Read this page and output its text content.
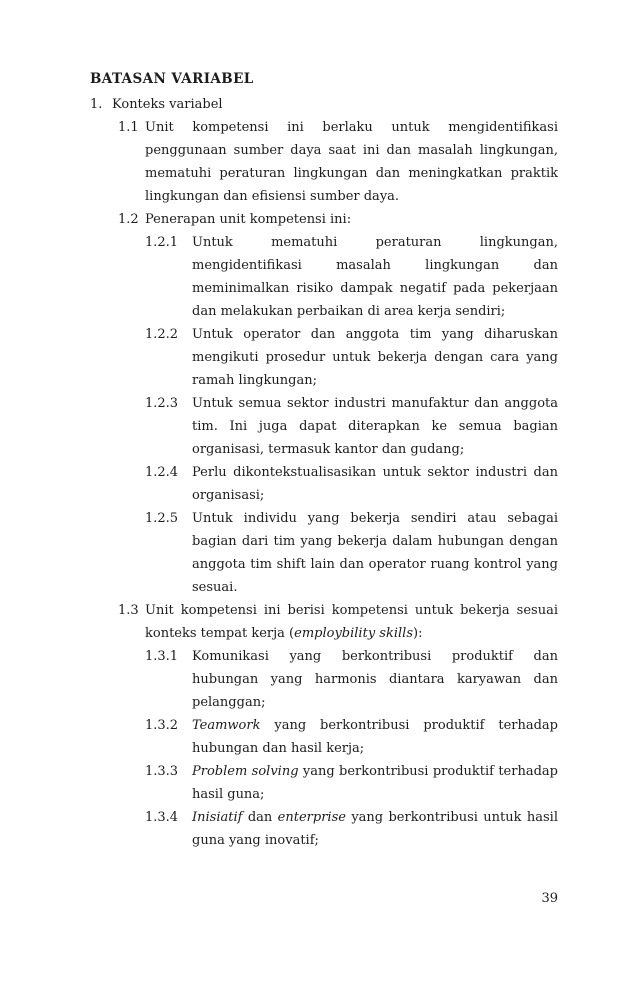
BATASAN VARIABEL
1. Konteks variabel
1.1 Unit kompetensi ini berlaku untuk mengidentifikasi penggunaan sumber daya saat ini dan masalah lingkungan, mematuhi peraturan lingkungan dan meningkatkan praktik lingkungan dan efisiensi sumber daya.
1.2 Penerapan unit kompetensi ini:
1.2.1	Untuk mematuhi peraturan lingkungan, mengidentifikasi masalah lingkungan dan meminimalkan risiko dampak negatif pada pekerjaan dan melakukan perbaikan di area kerja sendiri;
1.2.2	Untuk operator dan anggota tim yang diharuskan mengikuti prosedur untuk bekerja dengan cara yang ramah lingkungan;
1.2.3	Untuk semua sektor industri manufaktur dan anggota tim. Ini juga dapat diterapkan ke semua bagian organisasi, termasuk kantor dan gudang;
1.2.4	Perlu dikontekstualisasikan untuk sektor industri dan organisasi;
1.2.5	Untuk individu yang bekerja sendiri atau sebagai bagian dari tim yang bekerja dalam hubungan dengan anggota tim shift lain dan operator ruang kontrol yang sesuai.
1.3 Unit kompetensi ini berisi kompetensi untuk bekerja sesuai konteks tempat kerja (employbility skills):
1.3.1	Komunikasi yang berkontribusi produktif dan hubungan yang harmonis diantara karyawan dan pelanggan;
1.3.2	Teamwork yang berkontribusi produktif terhadap hubungan dan hasil kerja;
1.3.3	Problem solving yang berkontribusi produktif terhadap hasil guna;
1.3.4	Inisiatif dan enterprise yang berkontribusi untuk hasil guna yang inovatif;
39
